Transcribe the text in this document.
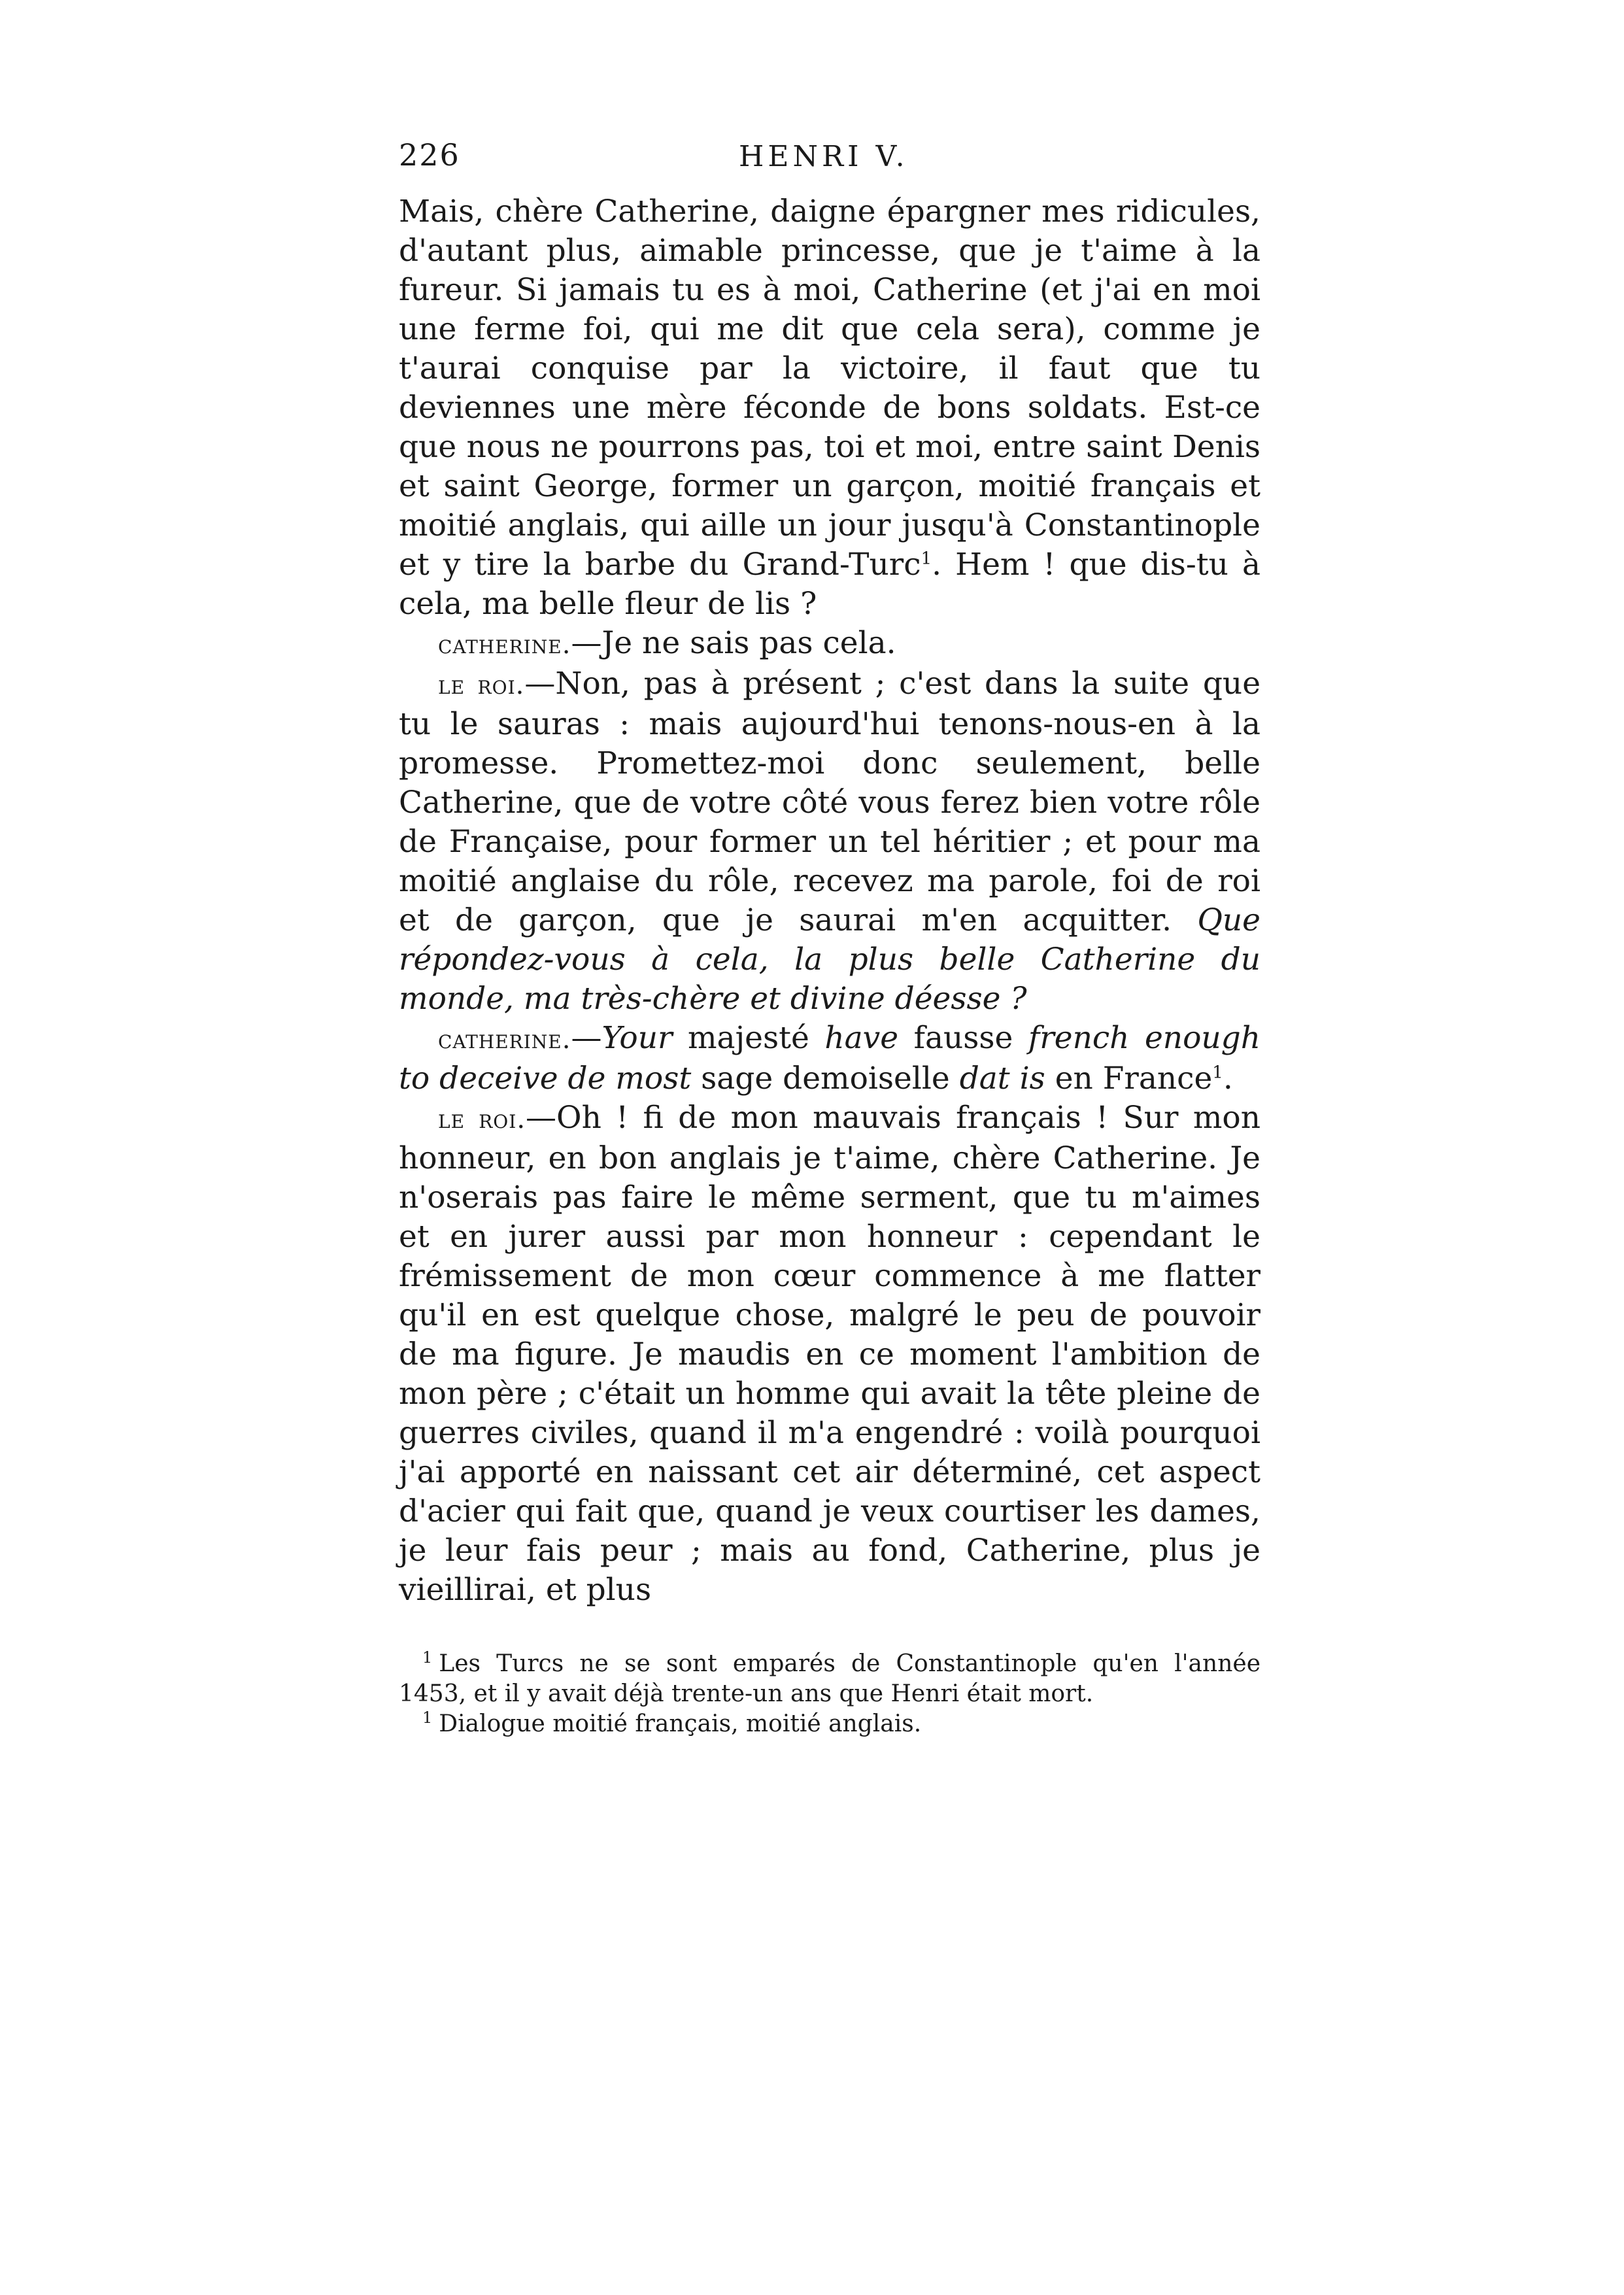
226	HENRI V.

Mais, chère Catherine, daigne épargner mes ridicules, d'autant plus, aimable princesse, que je t'aime à la fureur. Si jamais tu es à moi, Catherine (et j'ai en moi une ferme foi, qui me dit que cela sera), comme je t'aurai conquise par la victoire, il faut que tu deviennes une mère féconde de bons soldats. Est-ce que nous ne pourrons pas, toi et moi, entre saint Denis et saint George, former un garçon, moitié français et moitié anglais, qui aille un jour jusqu'à Constantinople et y tire la barbe du Grand-Turc$^1$. Hem ! que dis-tu à cela, ma belle fleur de lis ?

catherine.—Je ne sais pas cela.

le roi.—Non, pas à présent ; c'est dans la suite que tu le sauras : mais aujourd'hui tenons-nous-en à la promesse. Promettez-moi donc seulement, belle Catherine, que de votre côté vous ferez bien votre rôle de Française, pour former un tel héritier ; et pour ma moitié anglaise du rôle, recevez ma parole, foi de roi et de garçon, que je saurai m'en acquitter. Que répondez-vous à cela, la plus belle Catherine du monde, ma très-chère et divine déesse ?

catherine.—Your majesté have fausse french enough to deceive de most sage demoiselle dat is en France$^1$.

le roi.—Oh ! fi de mon mauvais français ! Sur mon honneur, en bon anglais je t'aime, chère Catherine. Je n'oserais pas faire le même serment, que tu m'aimes et en jurer aussi par mon honneur : cependant le frémissement de mon cœur commence à me flatter qu'il en est quelque chose, malgré le peu de pouvoir de ma figure. Je maudis en ce moment l'ambition de mon père ; c'était un homme qui avait la tête pleine de guerres civiles, quand il m'a engendré : voilà pourquoi j'ai apporté en naissant cet air déterminé, cet aspect d'acier qui fait que, quand je veux courtiser les dames, je leur fais peur ; mais au fond, Catherine, plus je vieillirai, et plus

$^1$ Les Turcs ne se sont emparés de Constantinople qu'en l'année 1453, et il y avait déjà trente-un ans que Henri était mort.

$^1$ Dialogue moitié français, moitié anglais.
